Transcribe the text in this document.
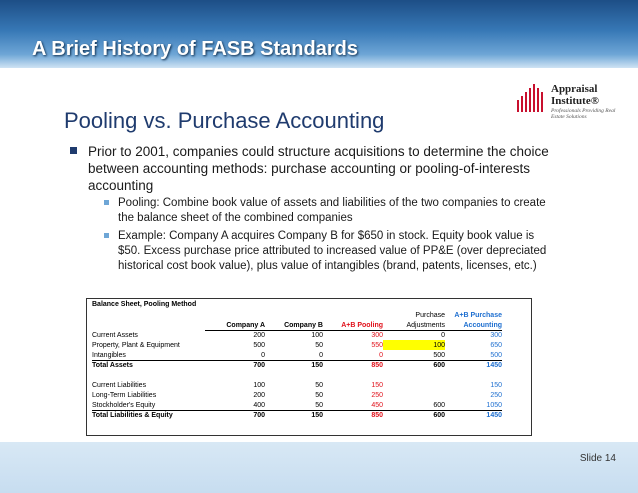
A Brief History of FASB Standards
Appraisal
Institute®
Professionals Providing Real Estate Solutions
Pooling vs. Purchase Accounting
Prior to 2001, companies could structure acquisitions to determine the choice between accounting methods: purchase accounting or pooling-of-interests accounting
Pooling: Combine book value of assets and liabilities of the two companies to create the balance sheet of the combined companies
Example: Company A acquires Company B for $650 in stock. Equity book value is $50. Excess purchase price attributed to increased value of PP&E (over depreciated historical cost book value), plus value of intangibles (brand, patents, licenses, etc.)
Balance Sheet, Pooling Method
				Purchase	A+B Purchase
	Company A	Company B	A+B Pooling	Adjustments	Accounting
Current Assets	200	100	300	0	300
Property, Plant & Equipment	500	50	550	100	650
Intangibles	0	0	0	500	500
Total Assets	700	150	850	600	1450

Current Liabilities	100	50	150		150
Long-Term Liabilities	200	50	250		250
Stockholder's Equity	400	50	450	600	1050
Total Liabilities & Equity	700	150	850	600	1450
Slide 14
